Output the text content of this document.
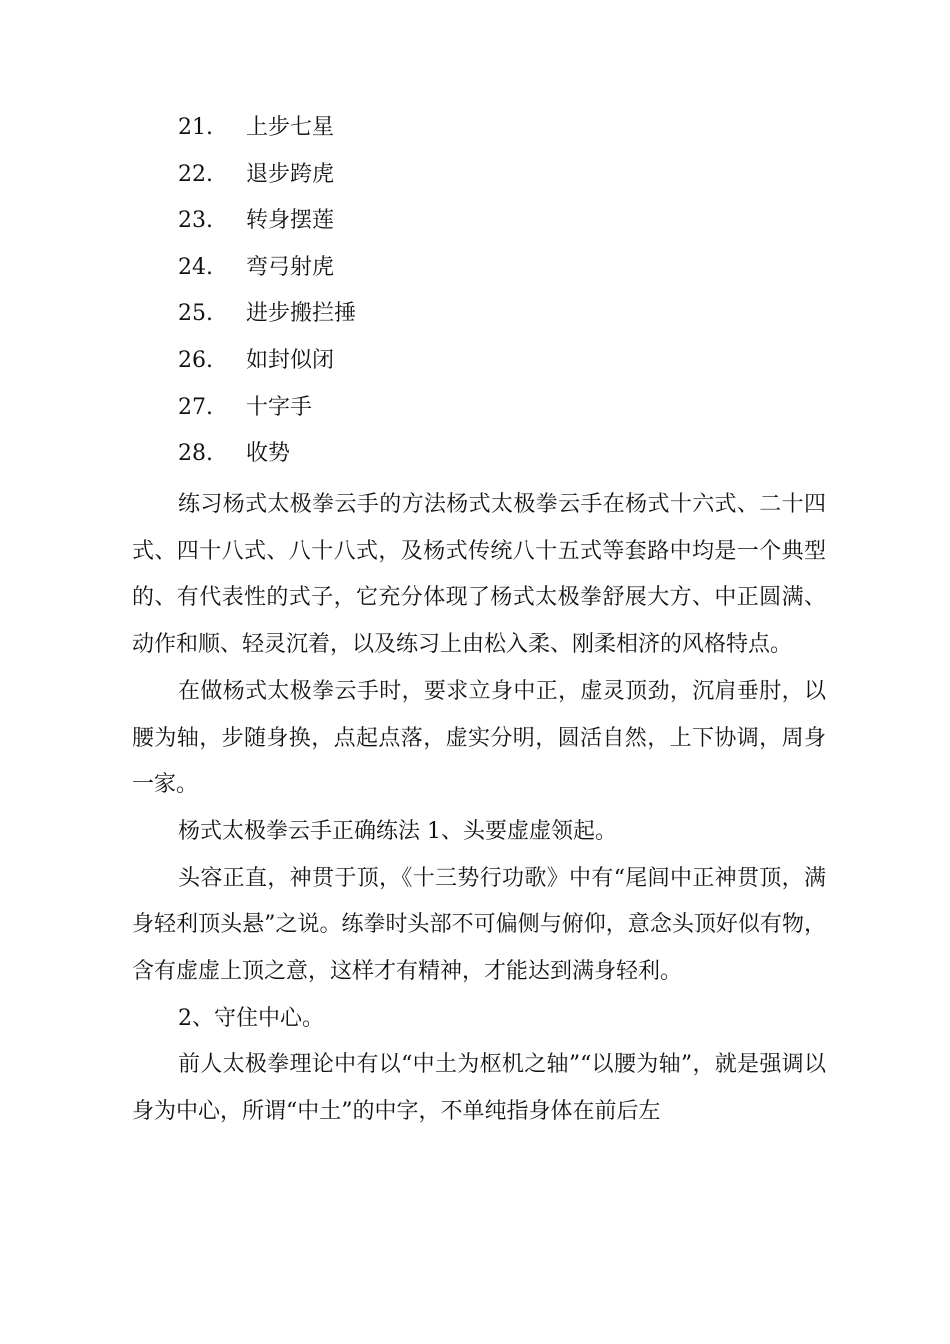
21. 上步七星
22. 退步跨虎
23. 转身摆莲
24. 弯弓射虎
25. 进步搬拦捶
26. 如封似闭
27. 十字手
28. 收势

练习杨式太极拳云手的方法杨式太极拳云手在杨式十六式、二十四式、四十八式、八十八式，及杨式传统八十五式等套路中均是一个典型的、有代表性的式子，它充分体现了杨式太极拳舒展大方、中正圆满、动作和顺、轻灵沉着，以及练习上由松入柔、刚柔相济的风格特点。

在做杨式太极拳云手时，要求立身中正，虚灵顶劲，沉肩垂肘，以腰为轴，步随身换，点起点落，虚实分明，圆活自然，上下协调，周身一家。

杨式太极拳云手正确练法 1、头要虚虚领起。

头容正直，神贯于顶，《十三势行功歌》中有“尾闾中正神贯顶，满身轻利顶头悬”之说。练拳时头部不可偏侧与俯仰，意念头顶好似有物，含有虚虚上顶之意，这样才有精神，才能达到满身轻利。

2、守住中心。

前人太极拳理论中有以“中土为枢机之轴”“以腰为轴”，就是强调以身为中心，所谓“中土”的中字，不单纯指身体在前后左
